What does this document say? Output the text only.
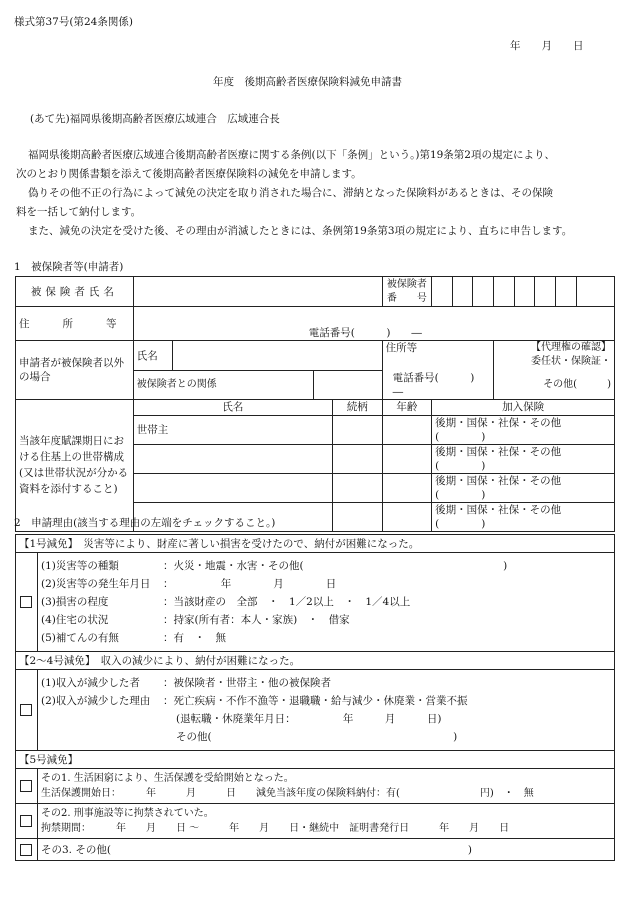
様式第37号(第24条関係)
年　　月　　日
年度　後期高齢者医療保険料減免申請書
(あて先)福岡県後期高齢者医療広域連合　広域連合長
福岡県後期高齢者医療広域連合後期高齢者医療に関する条例(以下「条例」という。)第19条第2項の規定により、
次のとおり関係書類を添えて後期高齢者医療保険料の減免を申請します。
偽りその他不正の行為によって減免の決定を取り消された場合に、滞納となった保険料があるときは、その保険
料を一括して納付します。
また、減免の決定を受けた後、その理由が消滅したときには、条例第19条第3項の規定により、直ちに申告します。
1　被保険者等(申請者)
被保険者氏名					被保険者
番　　号								

住　　所　　等	電話番号(　　　)　　―												
申請者が被保険者以外の場合	氏名				住所等				【代理権の確認】
委任状・保険証・				

	被保険者との関係				電話番号(　　　)　　―				その他(　　　)				
当該年度賦課期日における住基上の世帯構成(又は世帯状況が分かる資料を添付すること)	氏名			続柄	年齢	加入保険							
	世帯主					後期・国保・社保・その他(　　　　)							
						後期・国保・社保・その他(　　　　)							
						後期・国保・社保・その他(　　　　)							
						後期・国保・社保・その他(　　　　)							
2　申請理由(該当する理由の左端をチェックすること。)
【1号減免】　災害等により、財産に著しい損害を受けたので、納付が困難になった。	

	(1)災害等の種類 ：火災・地震・水害・その他(　　　　　　　　　　　　　　　　　　　)
(2)災害等の発生年月日 ：　　　　　年　　　　月　　　　日
(3)損害の程度 ：当該財産の　全部　・　1／2以上　・　1／4以上
(4)住宅の状況 ：持家(所有者：本人・家族)　・　借家
(5)補てんの有無 ：有　・　無

【2～4号減免】　収入の減少により、納付が困難になった。	

	(1)収入が減少した者 ：被保険者・世帯主・他の被保険者
(2)収入が減少した理由 ：死亡疾病・不作不漁等・退職職・給与減少・休廃業・営業不振
(退転職・休廃業年月日：　　　　　年　　　月　　　日)
その他(　　　　　　　　　　　　　　　　　　　　　　　)

【5号減免】	

	その1. 生活困窮により、生活保護を受給開始となった。
生活保護開始日：　　　年　　　月　　　日　　減免当該年度の保険料納付：有(　　　　　　　　円)　・　無

	その2. 刑事施設等に拘禁されていた。
拘禁期間：　　　年　　月　　日 ～　　　年　　月　　日・継続中　証明書発行日　　　年　　月　　日

	その3. その他(　　　　　　　　　　　　　　　　　　　　　　　　　　　　　　　　　　)
